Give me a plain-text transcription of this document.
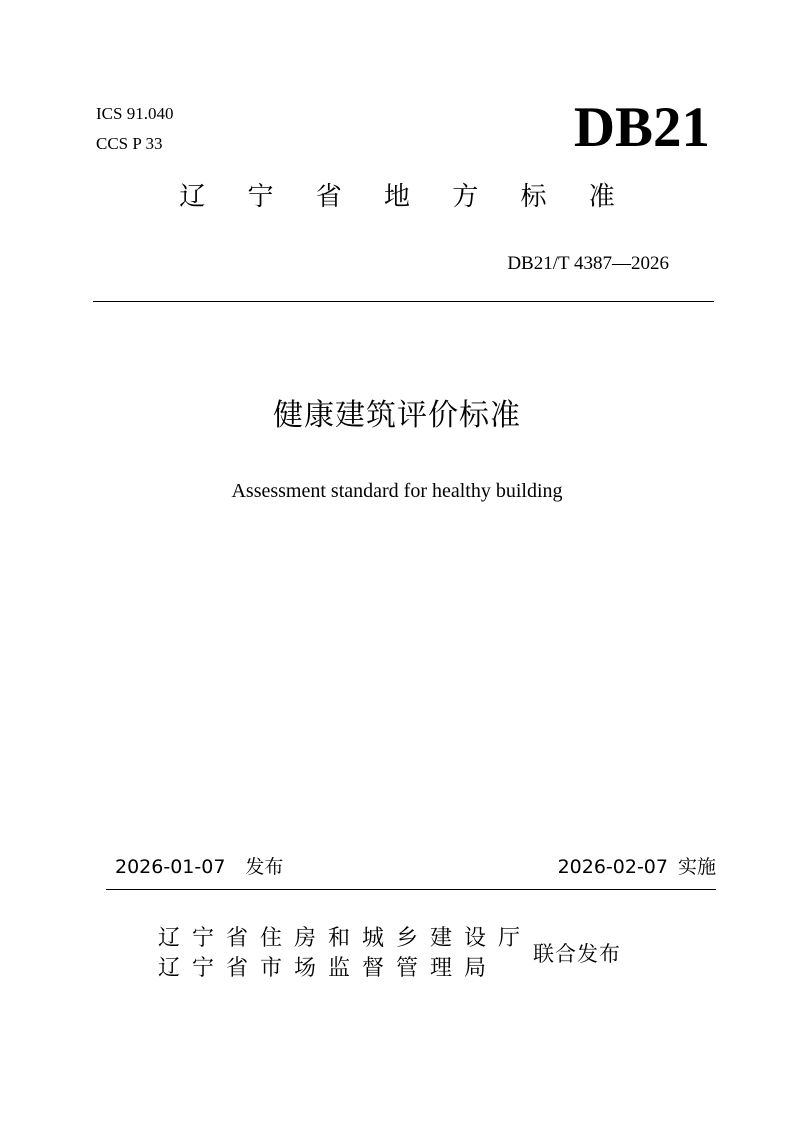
ICS 91.040
CCS P 33	DB21
辽 宁 省 地 方 标 准
DB21/T 4387—2026
健康建筑评价标准
Assessment standard for healthy building
2026-01-07 发布	2026-02-07 实施
辽宁省住房和城乡建设厅
辽宁省市场监督管理局
联合发布
